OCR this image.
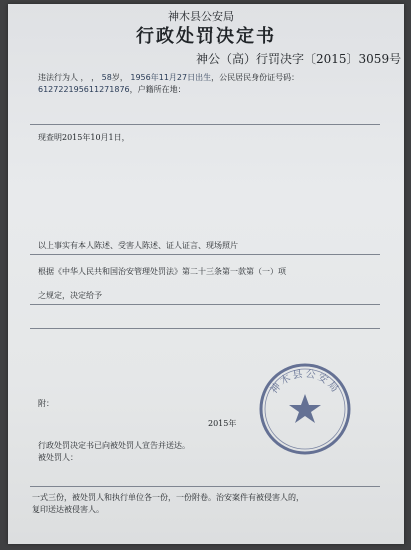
神木县公安局
行政处罚决定书
神公（高）行罚决字〔2015〕3059号
违法行为人 ， ， 58岁， 1956年11月27日出生，公民居民身份证号码：
612722195611271876，户籍所在地：
现查明2015年10月1日，
以上事实有本人陈述、受害人陈述、证人证言、现场照片
根据《中华人民共和国治安管理处罚法》第二十三条第一款第（一）项
之规定，决定给予
附：
2015年
行政处罚决定书已向被处罚人宣告并送达。
被处罚人：
一式三份，被处罚人和执行单位各一份，一份附卷。治安案件有被侵害人的，
复印送达被侵害人。
神木县公安局
